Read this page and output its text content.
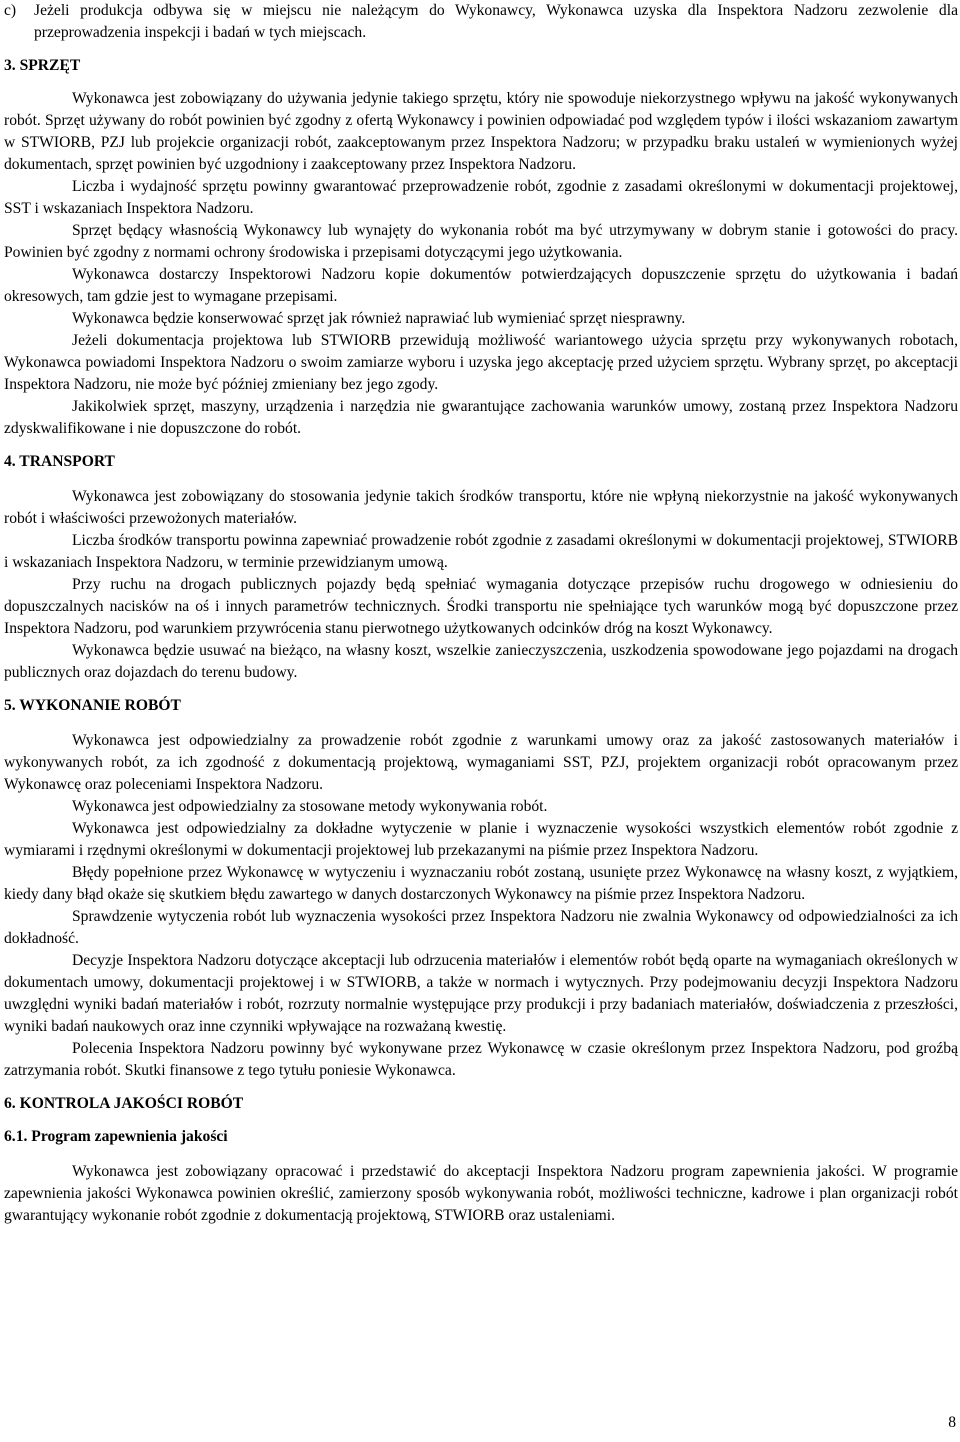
c)	Jeżeli produkcja odbywa się w miejscu nie należącym do Wykonawcy, Wykonawca uzyska dla Inspektora Nadzoru zezwolenie dla przeprowadzenia inspekcji i badań w tych miejscach.

3. SPRZĘT

Wykonawca jest zobowiązany do używania jedynie takiego sprzętu, który nie spowoduje niekorzystnego wpływu na jakość wykonywanych robót. Sprzęt używany do robót powinien być zgodny z ofertą Wykonawcy i powinien odpowiadać pod względem typów i ilości wskazaniom zawartym w STWIORB, PZJ lub projekcie organizacji robót, zaakceptowanym przez Inspektora Nadzoru; w przypadku braku ustaleń w wymienionych wyżej dokumentach, sprzęt powinien być uzgodniony i zaakceptowany przez Inspektora Nadzoru.

Liczba i wydajność sprzętu powinny gwarantować przeprowadzenie robót, zgodnie z zasadami określonymi w dokumentacji projektowej, SST i wskazaniach Inspektora Nadzoru.

Sprzęt będący własnością Wykonawcy lub wynajęty do wykonania robót ma być utrzymywany w dobrym stanie i gotowości do pracy. Powinien być zgodny z normami ochrony środowiska i przepisami dotyczącymi jego użytkowania.

Wykonawca dostarczy Inspektorowi Nadzoru kopie dokumentów potwierdzających dopuszczenie sprzętu do użytkowania i badań okresowych, tam gdzie jest to wymagane przepisami.

Wykonawca będzie konserwować sprzęt jak również naprawiać lub wymieniać sprzęt niesprawny.

Jeżeli dokumentacja projektowa lub STWIORB przewidują możliwość wariantowego użycia sprzętu przy wykonywanych robotach, Wykonawca powiadomi Inspektora Nadzoru o swoim zamiarze wyboru i uzyska jego akceptację przed użyciem sprzętu. Wybrany sprzęt, po akceptacji Inspektora Nadzoru, nie może być później zmieniany bez jego zgody.

Jakikolwiek sprzęt, maszyny, urządzenia i narzędzia nie gwarantujące zachowania warunków umowy, zostaną przez Inspektora Nadzoru zdyskwalifikowane i nie dopuszczone do robót.

4. TRANSPORT

Wykonawca jest zobowiązany do stosowania jedynie takich środków transportu, które nie wpłyną niekorzystnie na jakość wykonywanych robót i właściwości przewożonych materiałów.

Liczba środków transportu powinna zapewniać prowadzenie robót zgodnie z zasadami określonymi w dokumentacji projektowej, STWIORB i wskazaniach Inspektora Nadzoru, w terminie przewidzianym umową.

Przy ruchu na drogach publicznych pojazdy będą spełniać wymagania dotyczące przepisów ruchu drogowego w odniesieniu do dopuszczalnych nacisków na oś i innych parametrów technicznych. Środki transportu nie spełniające tych warunków mogą być dopuszczone przez Inspektora Nadzoru, pod warunkiem przywrócenia stanu pierwotnego użytkowanych odcinków dróg na koszt Wykonawcy.

Wykonawca będzie usuwać na bieżąco, na własny koszt, wszelkie zanieczyszczenia, uszkodzenia spowodowane jego pojazdami na drogach publicznych oraz dojazdach do terenu budowy.

5. WYKONANIE ROBÓT

Wykonawca jest odpowiedzialny za prowadzenie robót zgodnie z warunkami umowy oraz za jakość zastosowanych materiałów i wykonywanych robót, za ich zgodność z dokumentacją projektową, wymaganiami SST, PZJ, projektem organizacji robót opracowanym przez Wykonawcę oraz poleceniami Inspektora Nadzoru.

Wykonawca jest odpowiedzialny za stosowane metody wykonywania robót.

Wykonawca jest odpowiedzialny za dokładne wytyczenie w planie i wyznaczenie wysokości wszystkich elementów robót zgodnie z wymiarami i rzędnymi określonymi w dokumentacji projektowej lub przekazanymi na piśmie przez Inspektora Nadzoru.

Błędy popełnione przez Wykonawcę w wytyczeniu i wyznaczaniu robót zostaną, usunięte przez Wykonawcę na własny koszt, z wyjątkiem, kiedy dany błąd okaże się skutkiem błędu zawartego w danych dostarczonych Wykonawcy na piśmie przez Inspektora Nadzoru.

Sprawdzenie wytyczenia robót lub wyznaczenia wysokości przez Inspektora Nadzoru nie zwalnia Wykonawcy od odpowiedzialności za ich dokładność.

Decyzje Inspektora Nadzoru dotyczące akceptacji lub odrzucenia materiałów i elementów robót będą oparte na wymaganiach określonych w dokumentach umowy, dokumentacji projektowej i w STWIORB, a także w normach i wytycznych. Przy podejmowaniu decyzji Inspektora Nadzoru uwzględni wyniki badań materiałów i robót, rozrzuty normalnie występujące przy produkcji i przy badaniach materiałów, doświadczenia z przeszłości, wyniki badań naukowych oraz inne czynniki wpływające na rozważaną kwestię.

Polecenia Inspektora Nadzoru powinny być wykonywane przez Wykonawcę w czasie określonym przez Inspektora Nadzoru, pod groźbą zatrzymania robót. Skutki finansowe z tego tytułu poniesie Wykonawca.

6. KONTROLA JAKOŚCI ROBÓT

6.1. Program zapewnienia jakości

Wykonawca jest zobowiązany opracować i przedstawić do akceptacji Inspektora Nadzoru program zapewnienia jakości. W programie zapewnienia jakości Wykonawca powinien określić, zamierzony sposób wykonywania robót, możliwości techniczne, kadrowe i plan organizacji robót gwarantujący wykonanie robót zgodnie z dokumentacją projektową, STWIORB oraz ustaleniami.

8
